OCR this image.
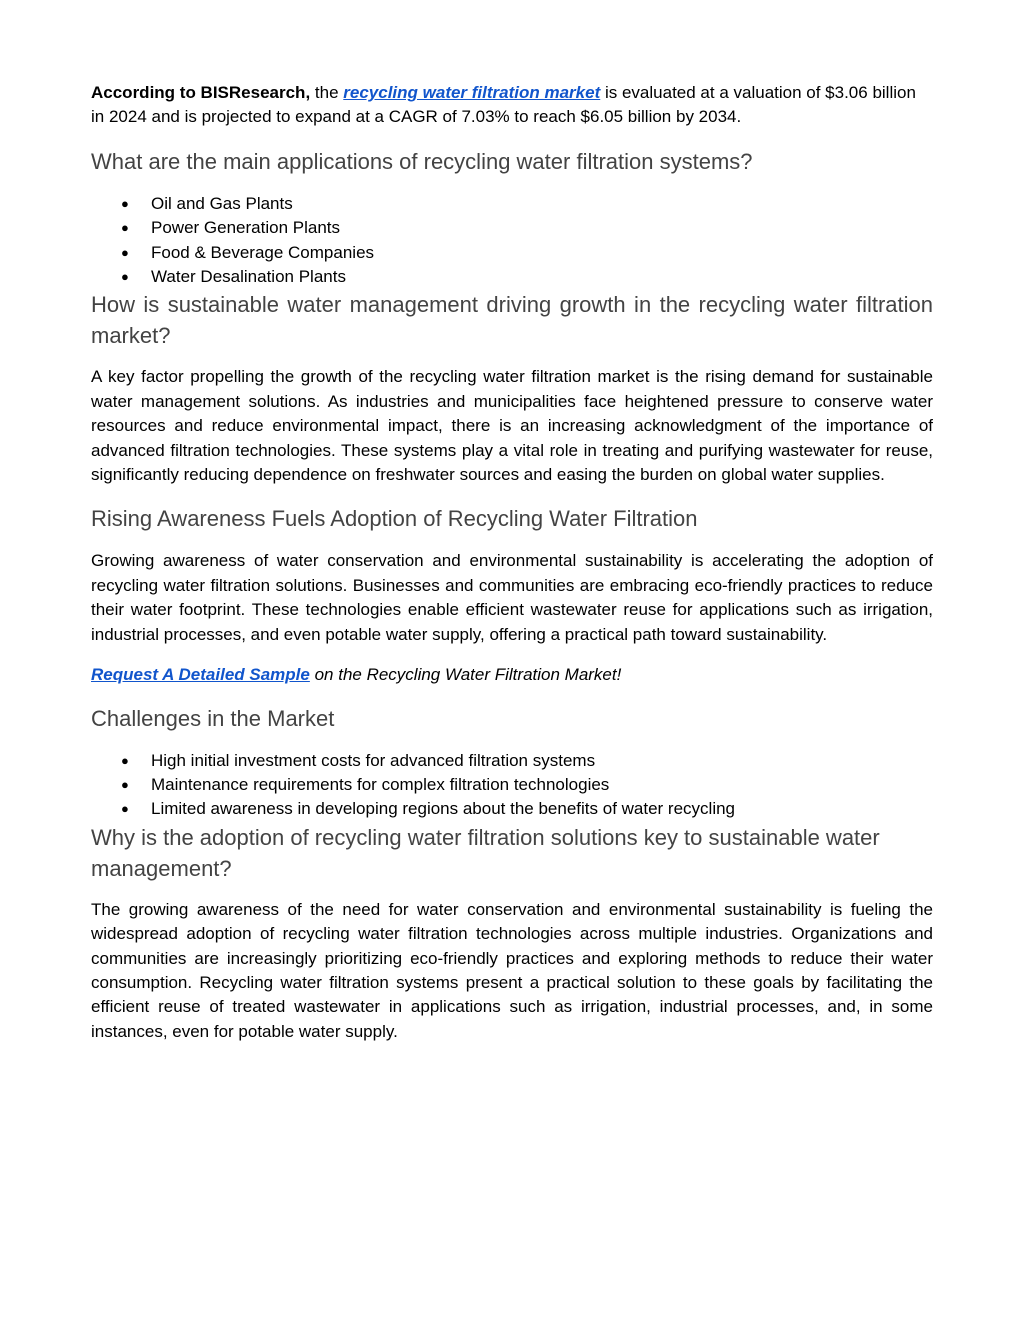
According to BISResearch, the recycling water filtration market is evaluated at a valuation of $3.06 billion in 2024 and is projected to expand at a CAGR of 7.03% to reach $6.05 billion by 2034.

What are the main applications of recycling water filtration systems?
● Oil and Gas Plants
● Power Generation Plants
● Food & Beverage Companies
● Water Desalination Plants
How is sustainable water management driving growth in the recycling water filtration market?

A key factor propelling the growth of the recycling water filtration market is the rising demand for sustainable water management solutions. As industries and municipalities face heightened pressure to conserve water resources and reduce environmental impact, there is an increasing acknowledgment of the importance of advanced filtration technologies. These systems play a vital role in treating and purifying wastewater for reuse, significantly reducing dependence on freshwater sources and easing the burden on global water supplies.

Rising Awareness Fuels Adoption of Recycling Water Filtration

Growing awareness of water conservation and environmental sustainability is accelerating the adoption of recycling water filtration solutions. Businesses and communities are embracing eco-friendly practices to reduce their water footprint. These technologies enable efficient wastewater reuse for applications such as irrigation, industrial processes, and even potable water supply, offering a practical path toward sustainability.

Request A Detailed Sample on the Recycling Water Filtration Market!

Challenges in the Market
● High initial investment costs for advanced filtration systems
● Maintenance requirements for complex filtration technologies
● Limited awareness in developing regions about the benefits of water recycling
Why is the adoption of recycling water filtration solutions key to sustainable water management?

The growing awareness of the need for water conservation and environmental sustainability is fueling the widespread adoption of recycling water filtration technologies across multiple industries. Organizations and communities are increasingly prioritizing eco-friendly practices and exploring methods to reduce their water consumption. Recycling water filtration systems present a practical solution to these goals by facilitating the efficient reuse of treated wastewater in applications such as irrigation, industrial processes, and, in some instances, even for potable water supply.
